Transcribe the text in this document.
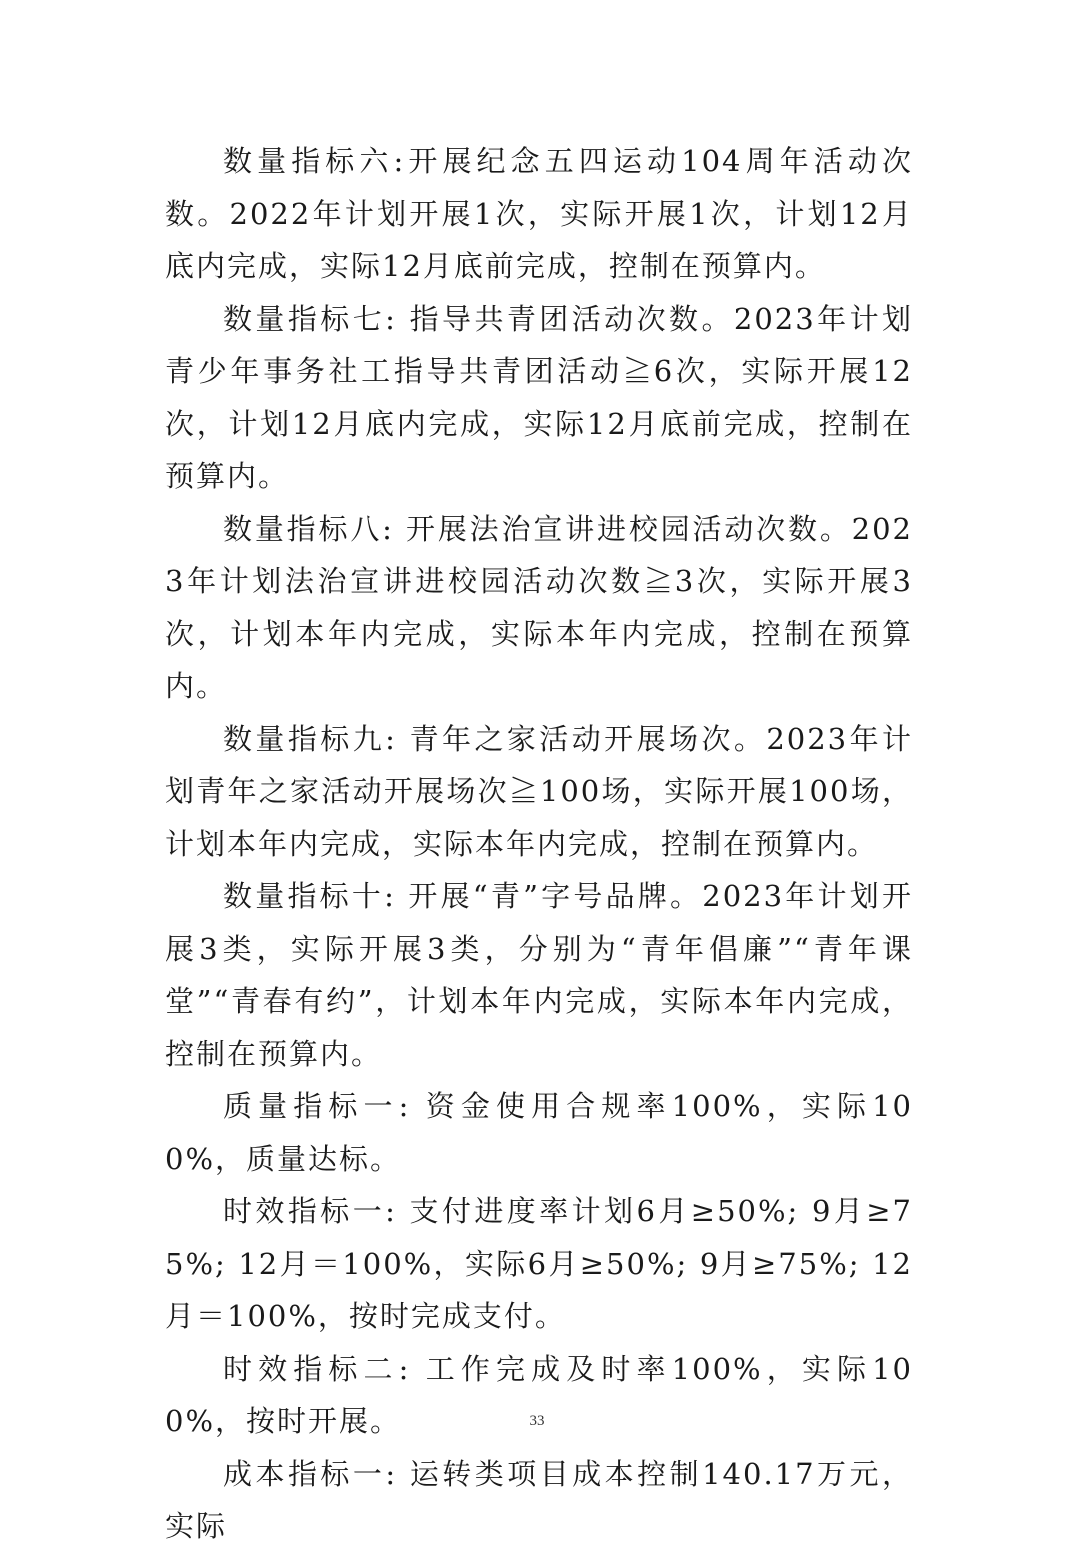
数量指标六:开展纪念五四运动104周年活动次数。2022年计划开展1次，实际开展1次，计划12月底内完成，实际12月底前完成，控制在预算内。

数量指标七: 指导共青团活动次数。2023年计划青少年事务社工指导共青团活动≧6次，实际开展12次，计划12月底内完成，实际12月底前完成，控制在预算内。

数量指标八: 开展法治宣讲进校园活动次数。2023年计划法治宣讲进校园活动次数≧3次，实际开展3次，计划本年内完成，实际本年内完成，控制在预算内。

数量指标九: 青年之家活动开展场次。2023年计划青年之家活动开展场次≧100场，实际开展100场，计划本年内完成，实际本年内完成，控制在预算内。

数量指标十: 开展“青”字号品牌。2023年计划开展3类，实际开展3类，分别为“青年倡廉”“青年课堂”“青春有约”，计划本年内完成，实际本年内完成，控制在预算内。

质量指标一: 资金使用合规率100%，实际100%，质量达标。

时效指标一: 支付进度率计划6月≥50%; 9月≥75%; 12月＝100%，实际6月≥50%; 9月≥75%; 12月＝100%，按时完成支付。

时效指标二: 工作完成及时率100%，实际100%，按时开展。

成本指标一: 运转类项目成本控制140.17万元，实际

33
